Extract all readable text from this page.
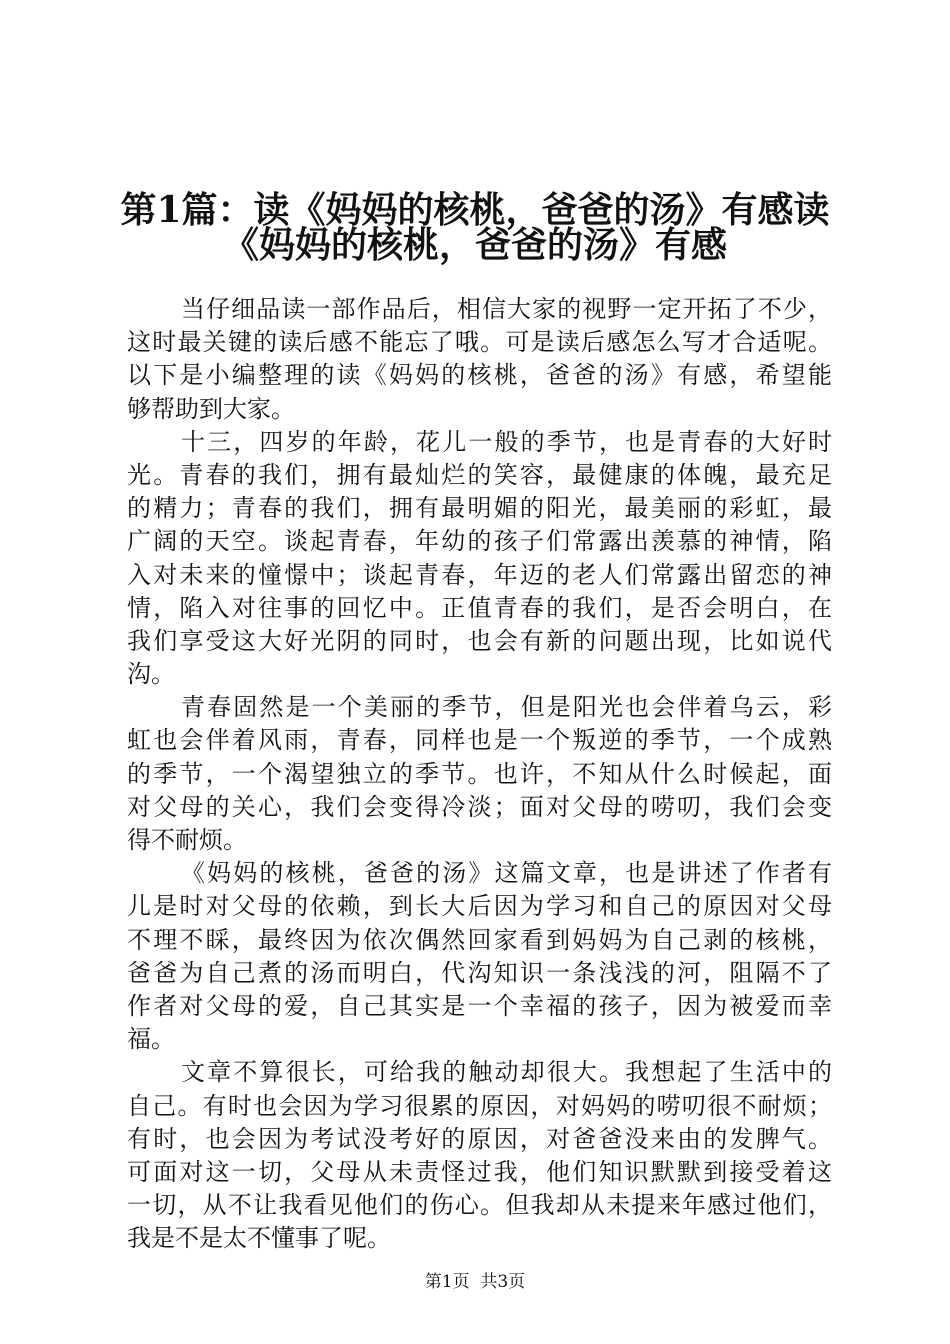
第1篇：读《妈妈的核桃，爸爸的汤》有感读
《妈妈的核桃，爸爸的汤》有感
当仔细品读一部作品后，相信大家的视野一定开拓了不少，
这时最关键的读后感不能忘了哦。可是读后感怎么写才合适呢。
以下是小编整理的读《妈妈的核桃，爸爸的汤》有感，希望能
够帮助到大家。
十三，四岁的年龄，花儿一般的季节，也是青春的大好时
光。青春的我们，拥有最灿烂的笑容，最健康的体魄，最充足
的精力；青春的我们，拥有最明媚的阳光，最美丽的彩虹，最
广阔的天空。谈起青春，年幼的孩子们常露出羡慕的神情，陷
入对未来的憧憬中；谈起青春，年迈的老人们常露出留恋的神
情，陷入对往事的回忆中。正值青春的我们，是否会明白，在
我们享受这大好光阴的同时，也会有新的问题出现，比如说代
沟。
青春固然是一个美丽的季节，但是阳光也会伴着乌云，彩
虹也会伴着风雨，青春，同样也是一个叛逆的季节，一个成熟
的季节，一个渴望独立的季节。也许，不知从什么时候起，面
对父母的关心，我们会变得冷淡；面对父母的唠叨，我们会变
得不耐烦。
《妈妈的核桃，爸爸的汤》这篇文章，也是讲述了作者有
儿是时对父母的依赖，到长大后因为学习和自己的原因对父母
不理不睬，最终因为依次偶然回家看到妈妈为自己剥的核桃，
爸爸为自己煮的汤而明白，代沟知识一条浅浅的河，阻隔不了
作者对父母的爱，自己其实是一个幸福的孩子，因为被爱而幸
福。
文章不算很长，可给我的触动却很大。我想起了生活中的
自己。有时也会因为学习很累的原因，对妈妈的唠叨很不耐烦；
有时，也会因为考试没考好的原因，对爸爸没来由的发脾气。
可面对这一切，父母从未责怪过我，他们知识默默到接受着这
一切，从不让我看见他们的伤心。但我却从未提来年感过他们，
我是不是太不懂事了呢。
第1页  共3页
